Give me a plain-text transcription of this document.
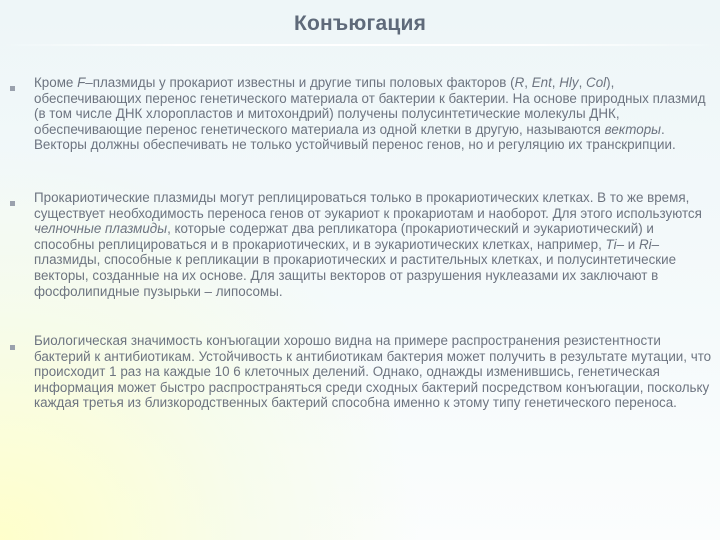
Конъюгация

Кроме F–плазмиды у прокариот известны и другие типы половых факторов (R, Ent, Hly, Col), обеспечивающих перенос генетического материала от бактерии к бактерии. На основе природных плазмид (в том числе ДНК хлоропластов и митохондрий) получены полусинтетические молекулы ДНК, обеспечивающие перенос генетического материала из одной клетки в другую, называются векторы. Векторы должны обеспечивать не только устойчивый перенос генов, но и регуляцию их транскрипции.

Прокариотические плазмиды могут реплицироваться только в прокариотических клетках. В то же время, существует необходимость переноса генов от эукариот к прокариотам и наоборот. Для этого используются челночные плазмиды, которые содержат два репликатора (прокариотический и эукариотический) и способны реплицироваться и в прокариотических, и в эукариотических клетках, например, Ti– и Ri–плазмиды, способные к репликации в прокариотических и растительных клетках, и полусинтетические векторы, созданные на их основе. Для защиты векторов от разрушения нуклеазами их заключают в фосфолипидные пузырьки – липосомы.

Биологическая значимость конъюгации хорошо видна на примере распространения резистентности бактерий к антибиотикам. Устойчивость к антибиотикам бактерия может получить в результате мутации, что происходит 1 раз на каждые 10 6 клеточных делений. Однако, однажды изменившись, генетическая информация может быстро распространяться среди сходных бактерий посредством конъюгации, поскольку каждая третья из близкородственных бактерий способна именно к этому типу генетического переноса.
